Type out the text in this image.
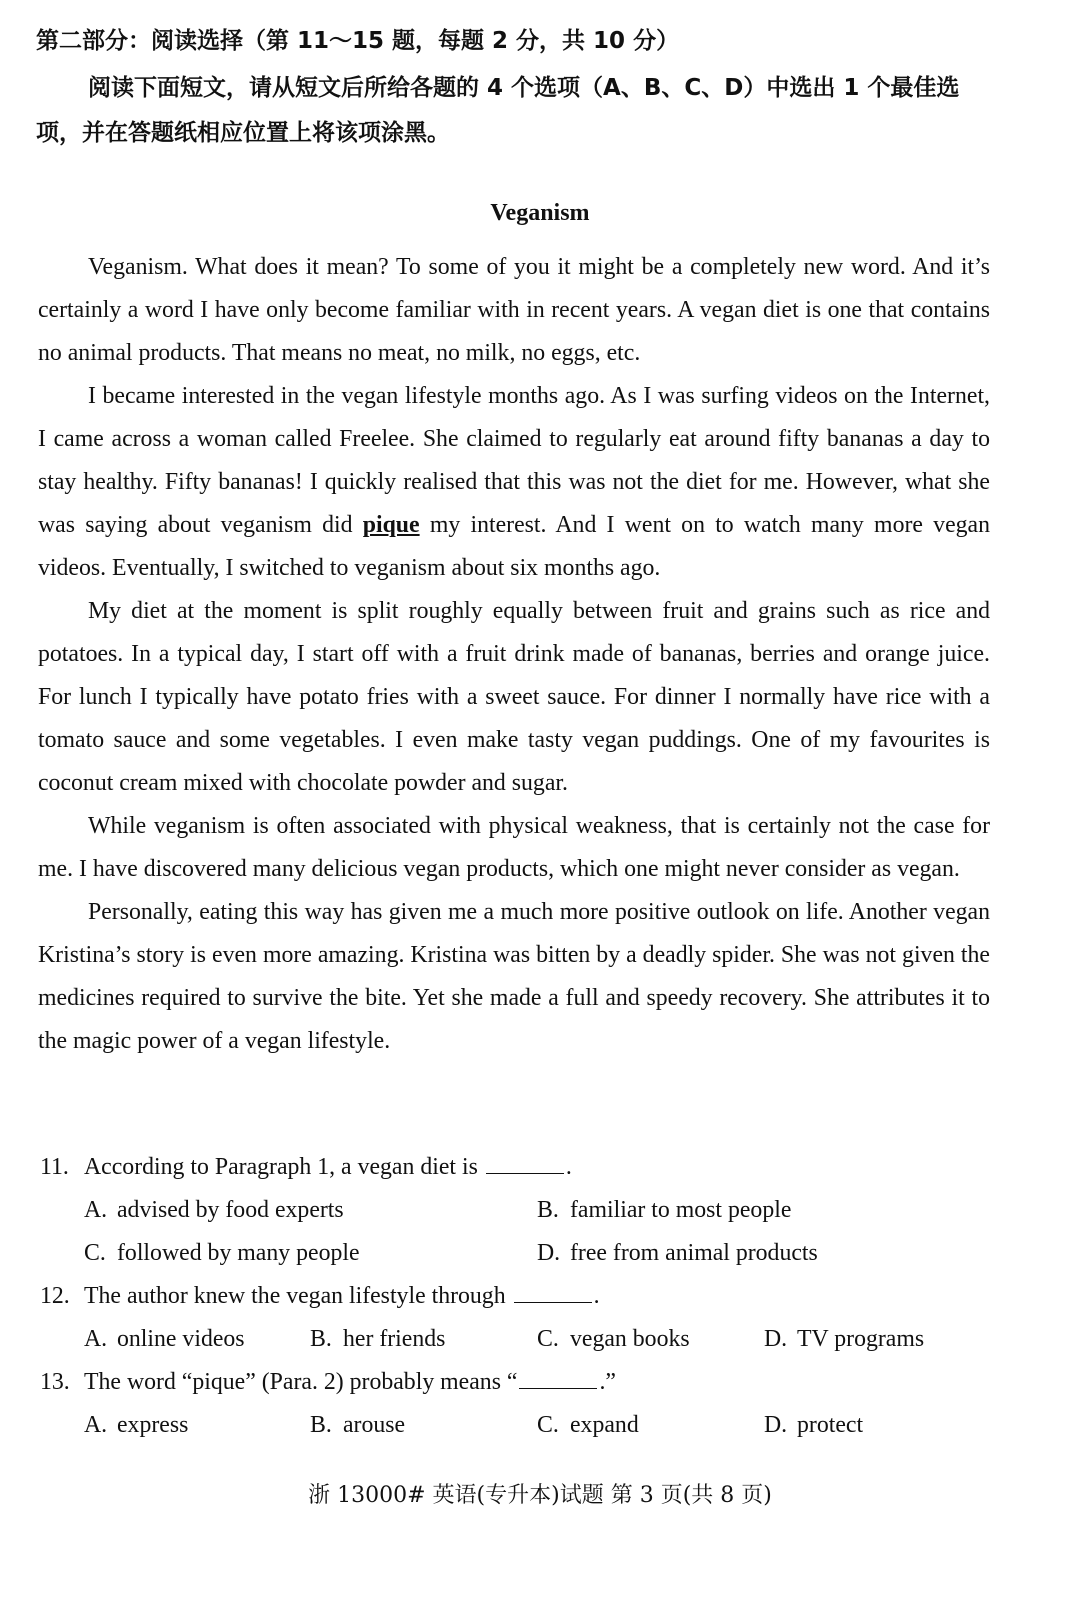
第二部分：阅读选择（第 11～15 题，每题 2 分，共 10 分）
阅读下面短文，请从短文后所给各题的 4 个选项（A、B、C、D）中选出 1 个最佳选项，并在答题纸相应位置上将该项涂黑。
Veganism

Veganism. What does it mean? To some of you it might be a completely new word. And it’s certainly a word I have only become familiar with in recent years. A vegan diet is one that contains no animal products. That means no meat, no milk, no eggs, etc.

I became interested in the vegan lifestyle months ago. As I was surfing videos on the Internet, I came across a woman called Freelee. She claimed to regularly eat around fifty bananas a day to stay healthy. Fifty bananas! I quickly realised that this was not the diet for me. However, what she was saying about veganism did pique my interest. And I went on to watch many more vegan videos. Eventually, I switched to veganism about six months ago.

My diet at the moment is split roughly equally between fruit and grains such as rice and potatoes. In a typical day, I start off with a fruit drink made of bananas, berries and orange juice. For lunch I typically have potato fries with a sweet sauce. For dinner I normally have rice with a tomato sauce and some vegetables. I even make tasty vegan puddings. One of my favourites is coconut cream mixed with chocolate powder and sugar.

While veganism is often associated with physical weakness, that is certainly not the case for me. I have discovered many delicious vegan products, which one might never consider as vegan.

Personally, eating this way has given me a much more positive outlook on life. Another vegan Kristina’s story is even more amazing. Kristina was bitten by a deadly spider. She was not given the medicines required to survive the bite. Yet she made a full and speedy recovery. She attributes it to the magic power of a vegan lifestyle.

11. According to Paragraph 1, a vegan diet is	.
A. advised by food experts	B. familiar to most people
C. followed by many people	D. free from animal products
12. The author knew the vegan lifestyle through	.
A. online videos	B. her friends	C. vegan books	D. TV programs
13. The word “pique” (Para. 2) probably means “	.”
A. express	B. arouse	C. expand	D. protect
浙 13000# 英语(专升本)试题 第 3 页(共 8 页)
